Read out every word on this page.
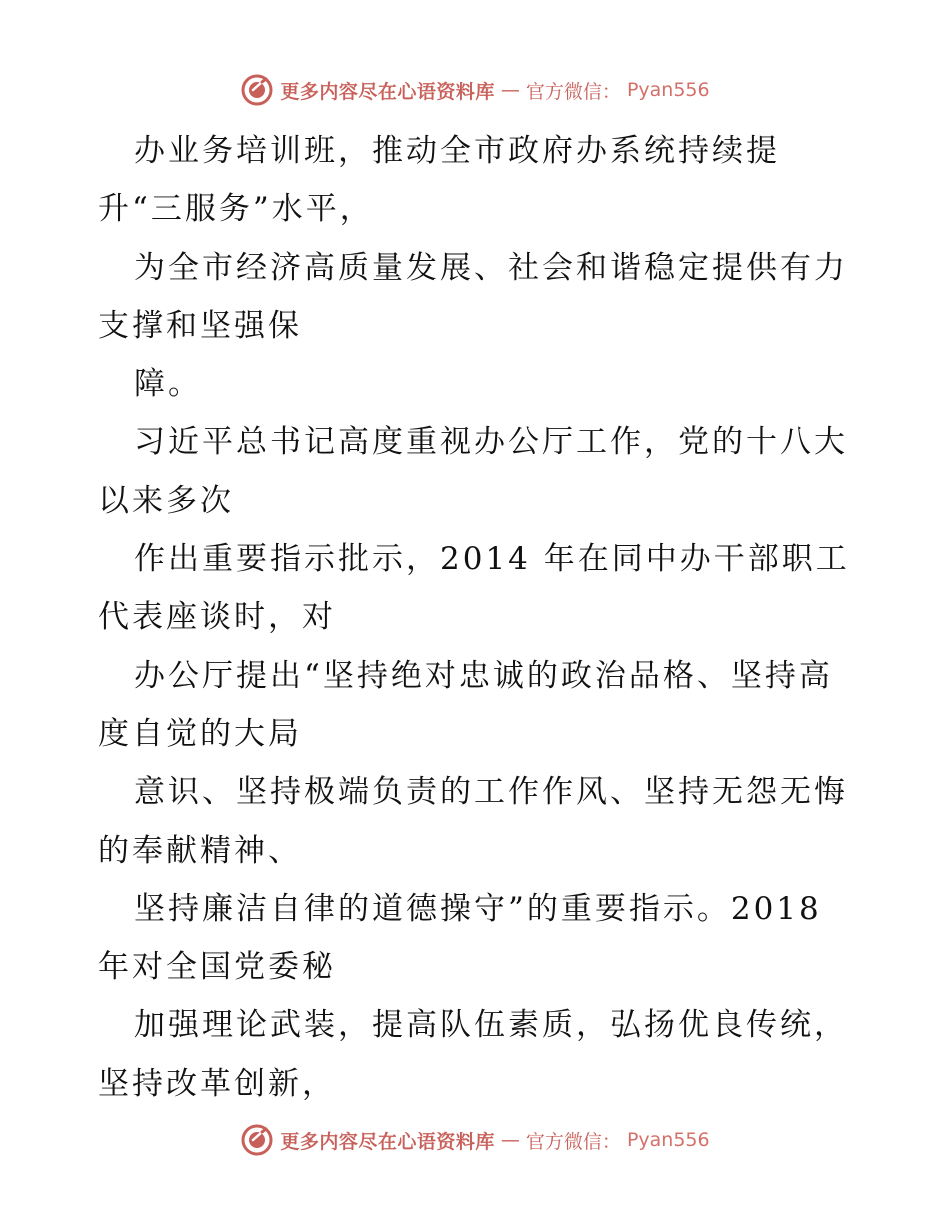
更多内容尽在心语资料库 — 官方微信： Pyan556
办业务培训班，推动全市政府办系统持续提
升“三服务”水平，
为全市经济高质量发展、社会和谐稳定提供有力
支撑和坚强保
障。
习近平总书记高度重视办公厅工作，党的十八大
以来多次
作出重要指示批示，2014 年在同中办干部职工
代表座谈时，对
办公厅提出“坚持绝对忠诚的政治品格、坚持高
度自觉的大局
意识、坚持极端负责的工作作风、坚持无怨无悔
的奉献精神、
坚持廉洁自律的道德操守”的重要指示。2018
年对全国党委秘
加强理论武装，提高队伍素质，弘扬优良传统，
坚持改革创新，
更多内容尽在心语资料库 — 官方微信： Pyan556
